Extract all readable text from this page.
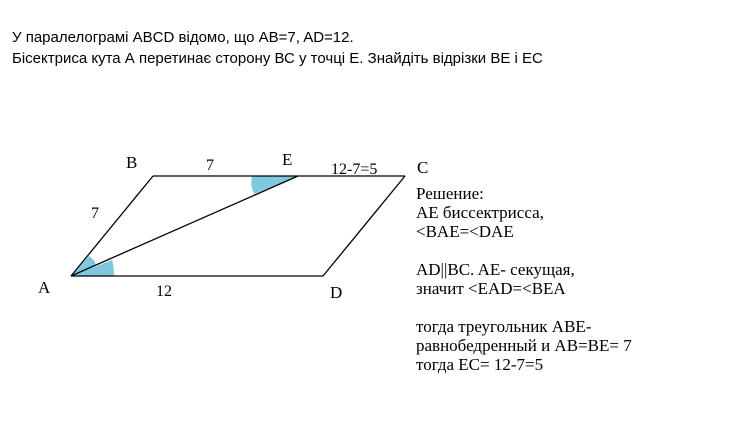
У паралелограмі ABCD відомо, що AB=7, AD=12.
Бісектриса кута А перетинає сторону ВС у точці Е. Знайдіть відрізки BE і EC
A
B	E	C
D
7
7	12-7=5
12
Решение:
AE биссектрисса,
<BAE=<DAE
AD||BC. AE- секущая,
значит <EAD=<BEA
тогда треугольник ABE-
равнобедренный и AB=BE= 7
тогда EC= 12-7=5
